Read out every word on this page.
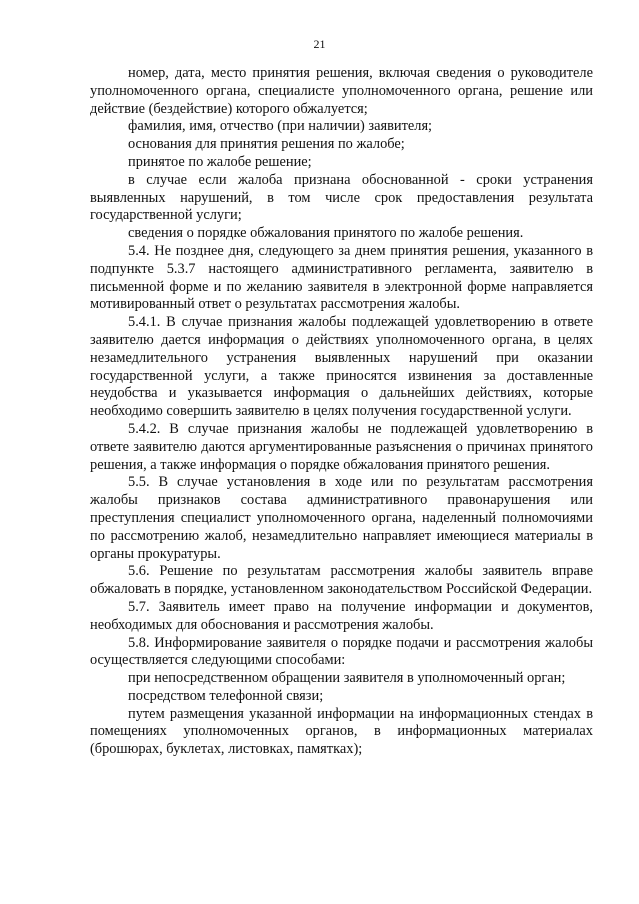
21

номер, дата, место принятия решения, включая сведения о руководителе уполномоченного органа, специалисте уполномоченного органа, решение или действие (бездействие) которого обжалуется;

фамилия, имя, отчество (при наличии) заявителя;

основания для принятия решения по жалобе;

принятое по жалобе решение;

в случае если жалоба признана обоснованной - сроки устранения выявленных нарушений, в том числе срок предоставления результата государственной услуги;

сведения о порядке обжалования принятого по жалобе решения.

5.4. Не позднее дня, следующего за днем принятия решения, указанного в подпункте 5.3.7 настоящего административного регламента, заявителю в письменной форме и по желанию заявителя в электронной форме направляется мотивированный ответ о результатах рассмотрения жалобы.

5.4.1. В случае признания жалобы подлежащей удовлетворению в ответе заявителю дается информация о действиях уполномоченного органа, в целях незамедлительного устранения выявленных нарушений при оказании государственной услуги, а также приносятся извинения за доставленные неудобства и указывается информация о дальнейших действиях, которые необходимо совершить заявителю в целях получения государственной услуги.

5.4.2. В случае признания жалобы не подлежащей удовлетворению в ответе заявителю даются аргументированные разъяснения о причинах принятого решения, а также информация о порядке обжалования принятого решения.

5.5. В случае установления в ходе или по результатам рассмотрения жалобы признаков состава административного правонарушения или преступления специалист уполномоченного органа, наделенный полномочиями по рассмотрению жалоб, незамедлительно направляет имеющиеся материалы в органы прокуратуры.

5.6. Решение по результатам рассмотрения жалобы заявитель вправе обжаловать в порядке, установленном законодательством Российской Федерации.

5.7. Заявитель имеет право на получение информации и документов, необходимых для обоснования и рассмотрения жалобы.

5.8. Информирование заявителя о порядке подачи и рассмотрения жалобы осуществляется следующими способами:

при непосредственном обращении заявителя в уполномоченный орган;

посредством телефонной связи;

путем размещения указанной информации на информационных стендах в помещениях уполномоченных органов, в информационных материалах (брошюрах, буклетах, листовках, памятках);
